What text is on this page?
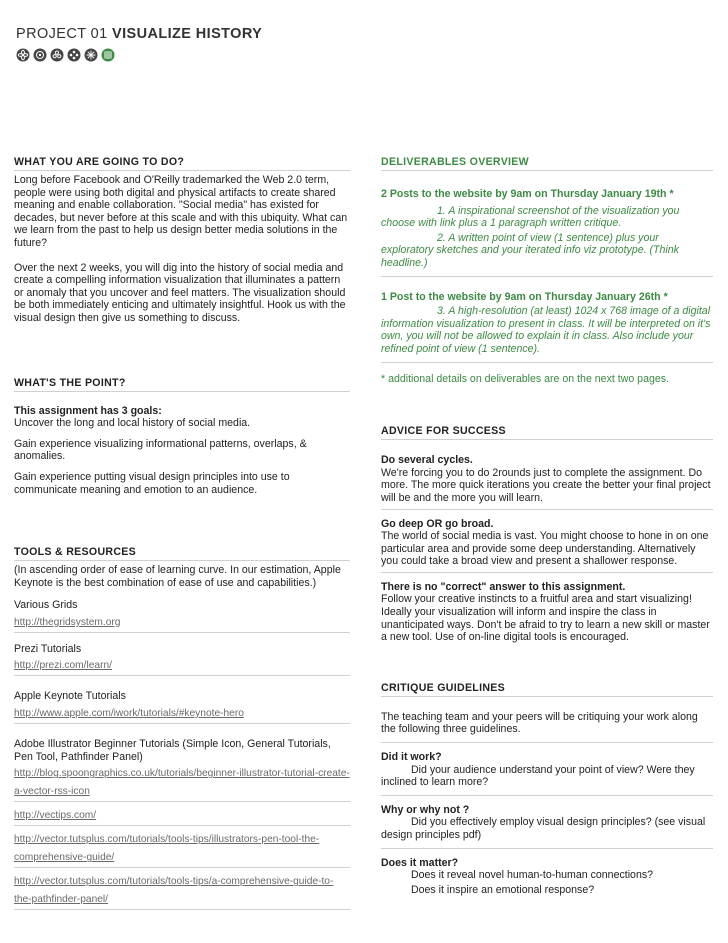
PROJECT 01 VISUALIZE HISTORY

WHAT YOU ARE GOING TO DO?

Long before Facebook and O'Reilly trademarked the Web 2.0 term, people were using both digital and physical artifacts to create shared meaning and enable collaboration. "Social media" has existed for decades, but never before at this scale and with this ubiquity. What can we learn from the past to help us design better media solutions in the future?

Over the next 2 weeks, you will dig into the history of social media and create a compelling information visualization that illuminates a pattern or anomaly that you uncover and feel matters. The visualization should be both immediately enticing and ultimately insightful. Hook us with the visual design then give us something to discuss.

WHAT'S THE POINT?

This assignment has 3 goals:

Uncover the long and local history of social media.

Gain experience visualizing informational patterns, overlaps, & anomalies.

Gain experience putting visual design principles into use to communicate meaning and emotion to an audience.

TOOLS & RESOURCES

(In ascending order of ease of learning curve. In our estimation, Apple Keynote is the best combination of ease of use and capabilities.)

Various Grids

http://thegridsystem.org

Prezi Tutorials

http://prezi.com/learn/

Apple Keynote Tutorials

http://www.apple.com/iwork/tutorials/#keynote-hero

Adobe Illustrator Beginner Tutorials (Simple Icon, General Tutorials, Pen Tool, Pathfinder Panel)

http://blog.spoongraphics.co.uk/tutorials/beginner-illustrator-tutorial-create-a-vector-rss-icon
http://vectips.com/
http://vector.tutsplus.com/tutorials/tools-tips/illustrators-pen-tool-the-comprehensive-guide/
http://vector.tutsplus.com/tutorials/tools-tips/a-comprehensive-guide-to-the-pathfinder-panel/

DELIVERABLES OVERVIEW

2 Posts to the website by 9am on Thursday January 19th *

1. A inspirational screenshot of the visualization you choose with link plus a 1 paragraph written critique.

2. A written point of view (1 sentence) plus your exploratory sketches and your iterated info viz prototype. (Think headline.)

1 Post to the website by 9am on Thursday January 26th *

3. A high-resolution (at least) 1024 x 768 image of a digital information visualization to present in class. It will be interpreted on it's own, you will not be allowed to explain it in class. Also include your refined point of view (1 sentence).

* additional details on deliverables are on the next two pages.

ADVICE FOR SUCCESS

Do several cycles.

We're forcing you to do 2rounds just to complete the assignment. Do more. The more quick iterations you create the better your final project will be and the more you will learn.

Go deep OR go broad.

The world of social media is vast. You might choose to hone in on one particular area and provide some deep understanding. Alternatively you could take a broad view and present a shallower response.

There is no "correct" answer to this assignment.

Follow your creative instincts to a fruitful area and start visualizing! Ideally your visualization will inform and inspire the class in unanticipated ways. Don't be afraid to try to learn a new skill or master a new tool. Use of on-line digital tools is encouraged.

CRITIQUE GUIDELINES

The teaching team and your peers will be critiquing your work along the following three guidelines.

Did it work?

Did your audience understand your point of view? Were they inclined to learn more?

Why or why not ?

Did you effectively employ visual design principles? (see visual design principles pdf)

Does it matter?

Does it reveal novel human-to-human connections?

Does it inspire an emotional response?
